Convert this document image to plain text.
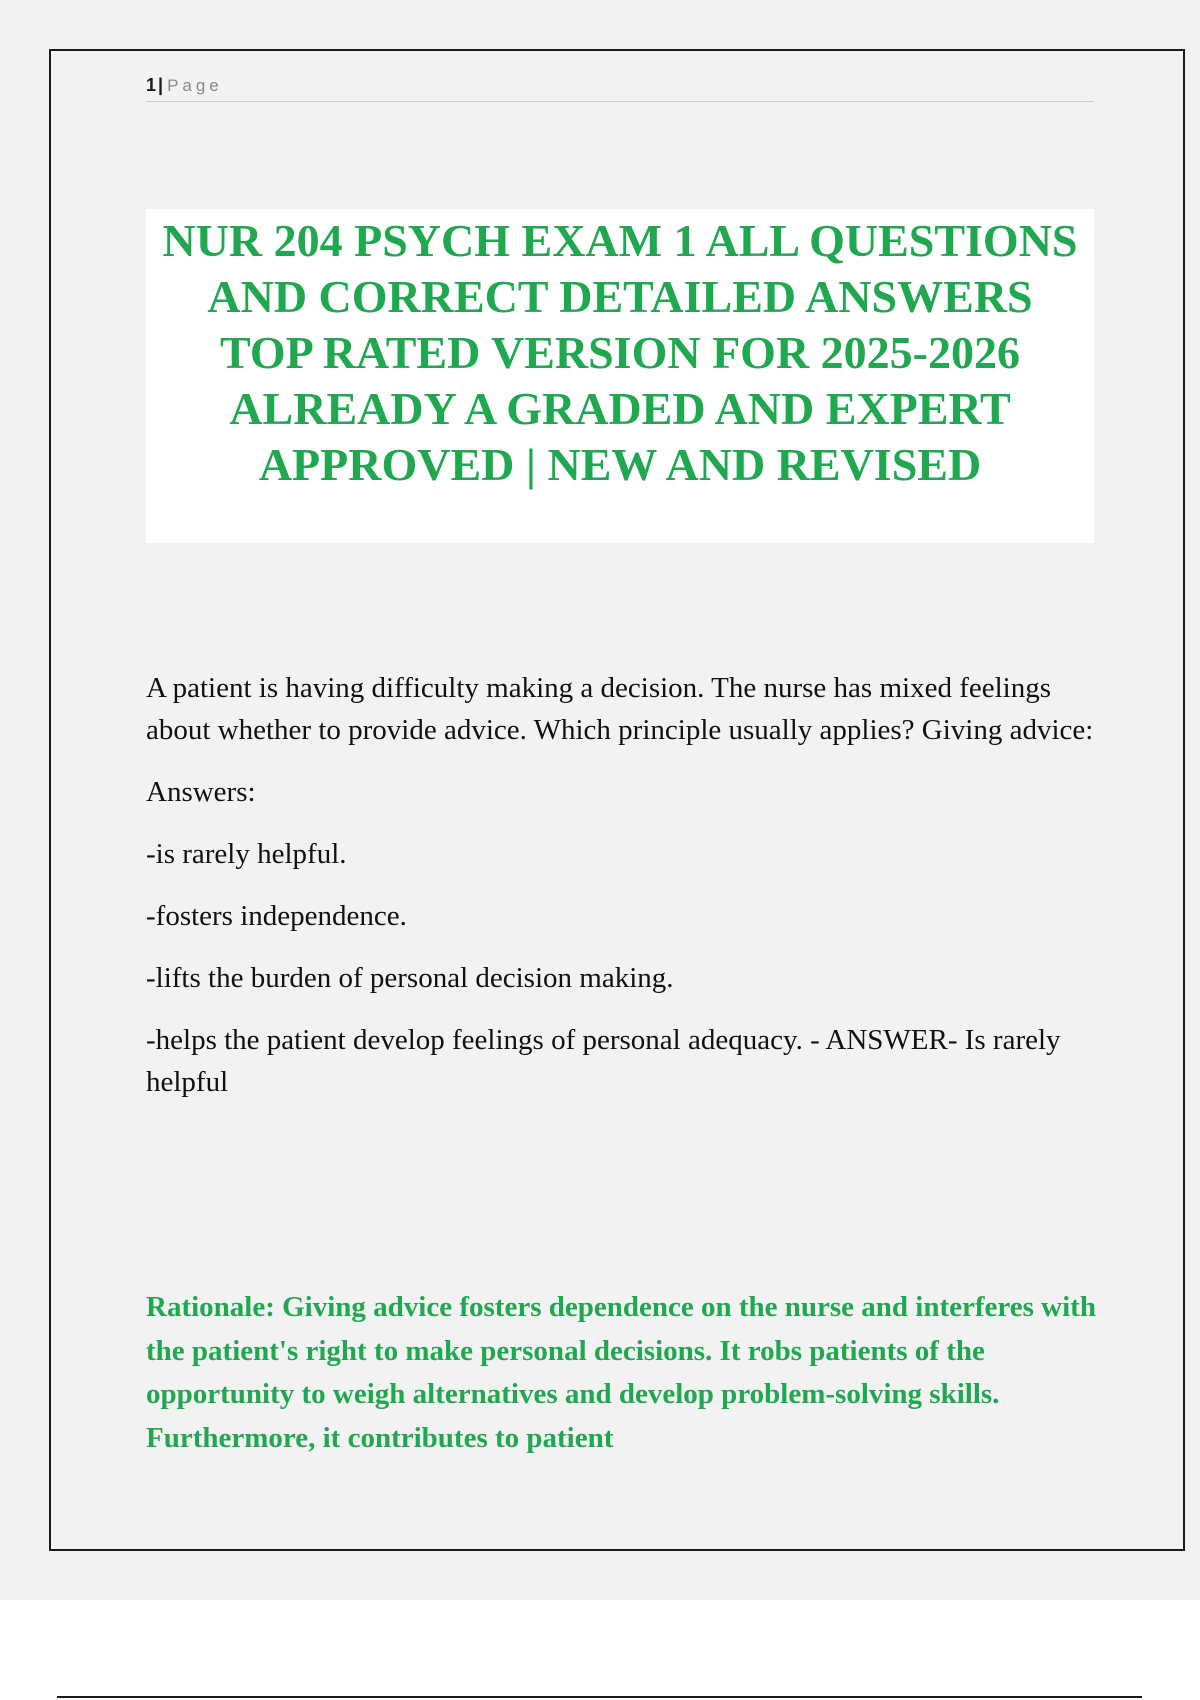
1 | Page
NUR 204 PSYCH EXAM 1 ALL QUESTIONS AND CORRECT DETAILED ANSWERS TOP RATED VERSION FOR 2025-2026 ALREADY A GRADED AND EXPERT APPROVED | NEW AND REVISED

A patient is having difficulty making a decision. The nurse has mixed feelings about whether to provide advice. Which principle usually applies? Giving advice:

Answers:

-is rarely helpful.

-fosters independence.

-lifts the burden of personal decision making.

-helps the patient develop feelings of personal adequacy. - ANSWER- Is rarely helpful

Rationale: Giving advice fosters dependence on the nurse and interferes with the patient's right to make personal decisions. It robs patients of the opportunity to weigh alternatives and develop problem-solving skills. Furthermore, it contributes to patient
